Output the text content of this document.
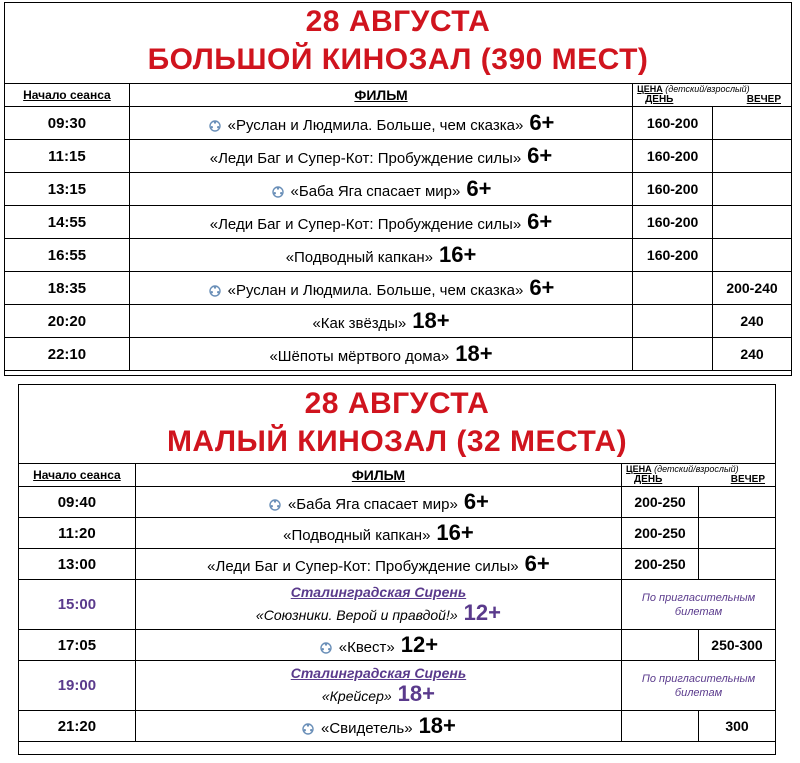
28 АВГУСТА
БОЛЬШОЙ КИНОЗАЛ (390 МЕСТ)
Начало сеанса	ФИЛЬМ	ЦЕНА (детский/взрослый)
ДЕНЬ ВЕЧЕР	

09:30	«Руслан и Людмила. Больше, чем сказка» 6+	160-200	
11:15	«Леди Баг и Супер-Кот: Пробуждение силы» 6+	160-200	
13:15	«Баба Яга спасает мир» 6+	160-200	
14:55	«Леди Баг и Супер-Кот: Пробуждение силы» 6+	160-200	
16:55	«Подводный капкан» 16+	160-200	
18:35	«Руслан и Людмила. Больше, чем сказка» 6+		200-240
20:20	«Как звёзды» 18+		240
22:10	«Шёпоты мёртвого дома» 18+		240
28 АВГУСТА
МАЛЫЙ КИНОЗАЛ (32 МЕСТА)
Начало сеанса	ФИЛЬМ	ЦЕНА (детский/взрослый)
ДЕНЬ ВЕЧЕР	

09:40	«Баба Яга спасает мир» 6+	200-250	
11:20	«Подводный капкан» 16+	200-250	
13:00	«Леди Баг и Супер-Кот: Пробуждение силы» 6+	200-250	
15:00	Сталинградская Сирень
«Союзники. Верой и правдой!» 12+	По пригласительным билетам	
17:05	«Квест» 12+		250-300
19:00	Сталинградская Сирень
«Крейсер» 18+	По пригласительным билетам	
21:20	«Свидетель» 18+		300
